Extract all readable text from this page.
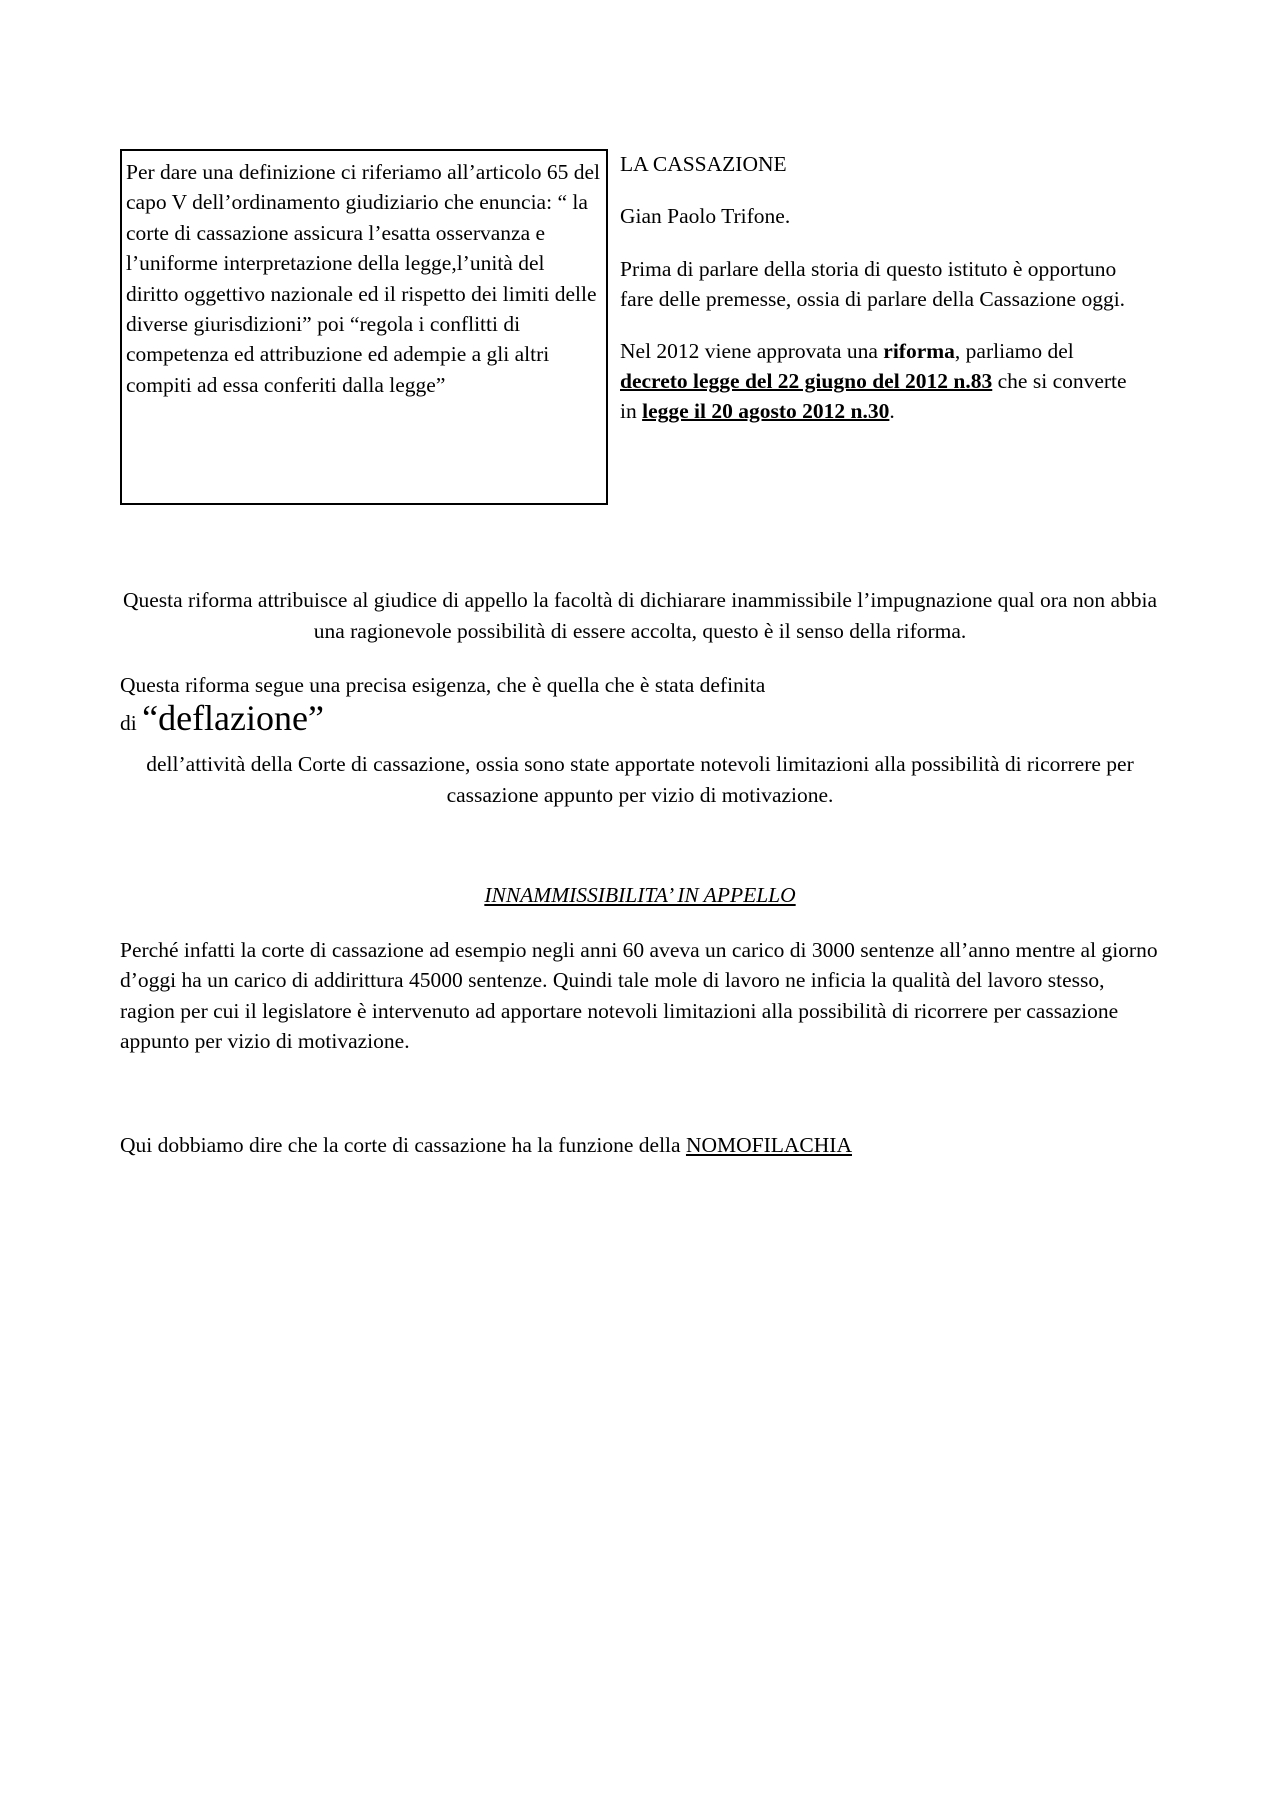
Per dare una definizione ci riferiamo all’articolo 65 del capo V dell’ordinamento giudiziario che enuncia: “ la corte di cassazione assicura l’esatta osservanza e l’uniforme interpretazione della legge,l’unità del diritto oggettivo nazionale ed il rispetto dei limiti delle diverse giurisdizioni” poi “regola i conflitti di competenza ed attribuzione ed adempie a gli altri compiti ad essa conferiti dalla legge”

LA CASSAZIONE

Gian Paolo Trifone.

Prima di parlare della storia di questo istituto è opportuno fare delle premesse, ossia di parlare della Cassazione oggi.

Nel 2012 viene approvata una riforma, parliamo del decreto legge del 22 giugno del 2012 n.83 che si converte in legge il 20 agosto 2012 n.30.

Questa riforma attribuisce al giudice di appello la facoltà di dichiarare inammissibile l’impugnazione qual ora non abbia una ragionevole possibilità di essere accolta, questo è il senso della riforma.

Questa riforma segue una precisa esigenza, che è quella che è stata definita

di “deflazione”

dell’attività della Corte di cassazione, ossia sono state apportate notevoli limitazioni alla possibilità di ricorrere per cassazione appunto per vizio di motivazione.

INNAMMISSIBILITA’ IN APPELLO

Perché infatti la corte di cassazione ad esempio negli anni 60 aveva un carico di 3000 sentenze all’anno mentre al giorno d’oggi ha un carico di addirittura 45000 sentenze. Quindi tale mole di lavoro ne inficia la qualità del lavoro stesso, ragion per cui il legislatore è intervenuto ad apportare notevoli limitazioni alla possibilità di ricorrere per cassazione appunto per vizio di motivazione.

Qui dobbiamo dire che la corte di cassazione ha la funzione della NOMOFILACHIA
